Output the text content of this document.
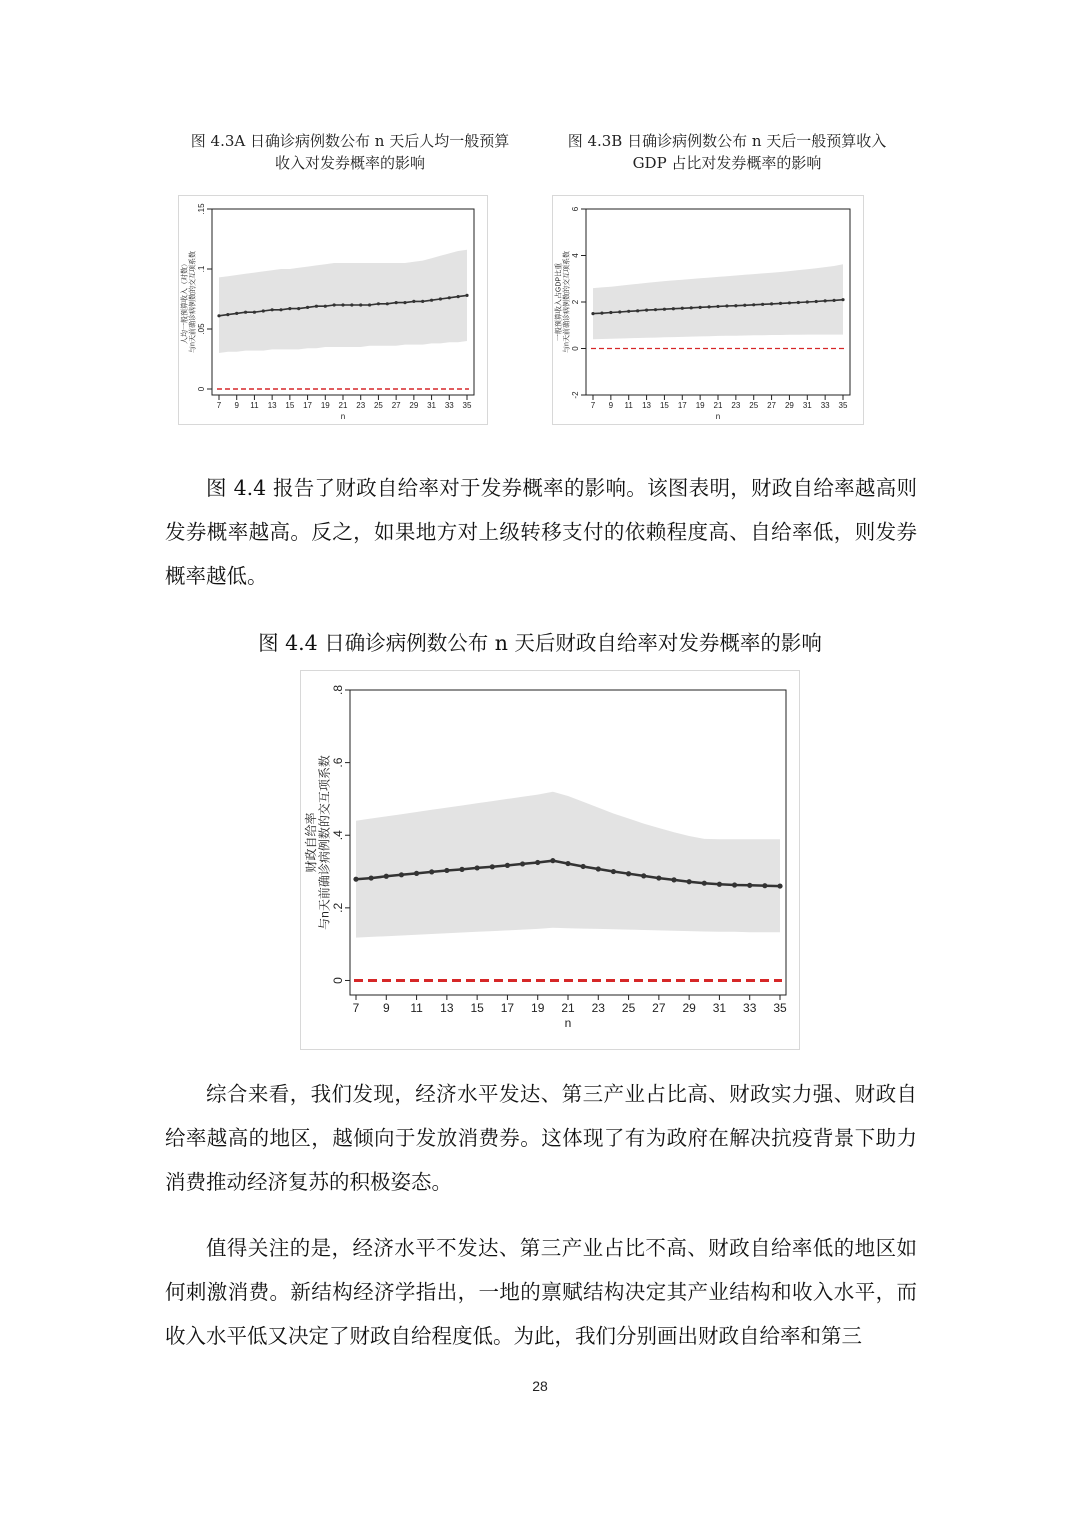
图 4.3A 日确诊病例数公布 n 天后人均一般预算
收入对发券概率的影响
图 4.3B 日确诊病例数公布 n 天后一般预算收入
GDP 占比对发券概率的影响
7 9 11 13 15 17 19 21 23 25 27 29 31 33 35
n
0
.05
.1
.15
人均一般预算收入（对数） 与n天前确诊病例数的交互项系数
7 9 11 13 15 17 19 21 23 25 27 29 31 33 35
n
-2
0
2
4
6
一般预算收入占GDP比重 与n天前确诊病例数的交互项系数

图 4.4 报告了财政自给率对于发券概率的影响。该图表明，财政自给率越高则发券概率越高。反之，如果地方对上级转移支付的依赖程度高、自给率低，则发券概率越低。

图 4.4 日确诊病例数公布 n 天后财政自给率对发券概率的影响
7 9 11 13 15 17 19 21 23 25 27 29 31 33 35
n
0
.2
.4
.6
.8
财政自给率 与n天前确诊病例数的交互项系数

综合来看，我们发现，经济水平发达、第三产业占比高、财政实力强、财政自给率越高的地区，越倾向于发放消费券。这体现了有为政府在解决抗疫背景下助力消费推动经济复苏的积极姿态。

值得关注的是，经济水平不发达、第三产业占比不高、财政自给率低的地区如何刺激消费。新结构经济学指出，一地的禀赋结构决定其产业结构和收入水平，而收入水平低又决定了财政自给程度低。为此，我们分别画出财政自给率和第三

28
